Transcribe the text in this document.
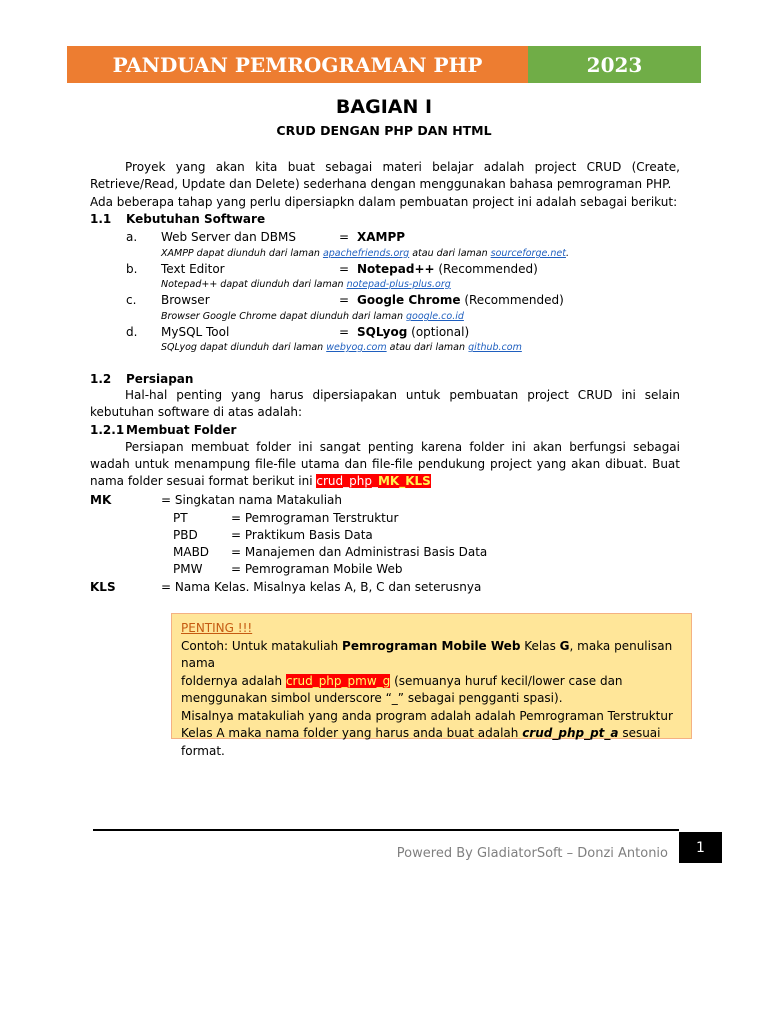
PANDUAN PEMROGRAMAN PHP	2023
BAGIAN I
CRUD DENGAN PHP DAN HTML
Proyek yang akan kita buat sebagai materi belajar adalah project CRUD (Create, Retrieve/Read, Update dan Delete) sederhana dengan menggunakan bahasa pemrograman PHP.
Ada beberapa tahap yang perlu dipersiapkn dalam pembuatan project ini adalah sebagai berikut:
1.1 Kebutuhan Software
a. Web Server dan DBMS	= XAMPP
XAMPP dapat diunduh dari laman apachefriends.org atau dari laman sourceforge.net.
b. Text Editor	= Notepad++ (Recommended)
Notepad++ dapat diunduh dari laman notepad-plus-plus.org
c. Browser	= Google Chrome (Recommended)
Browser Google Chrome dapat diunduh dari laman google.co.id
d. MySQL Tool	= SQLyog (optional)
SQLyog dapat diunduh dari laman webyog.com atau dari laman github.com
1.2 Persiapan
Hal-hal penting yang harus dipersiapakan untuk pembuatan project CRUD ini selain kebutuhan software di atas adalah:
1.2.1 Membuat Folder
Persiapan membuat folder ini sangat penting karena folder ini akan berfungsi sebagai wadah untuk menampung file-file utama dan file-file pendukung project yang akan dibuat. Buat nama folder sesuai format berikut ini crud_php_MK_KLS
MK	= Singkatan nama Matakuliah
PT	= Pemrograman Terstruktur
PBD	= Praktikum Basis Data
MABD = Manajemen dan Administrasi Basis Data
PMW = Pemrograman Mobile Web
KLS	= Nama Kelas. Misalnya kelas A, B, C dan seterusnya
PENTING !!!
Contoh: Untuk matakuliah Pemrograman Mobile Web Kelas G, maka penulisan nama
foldernya adalah crud_php_pmw_g (semuanya huruf kecil/lower case dan
menggunakan simbol underscore “_” sebagai pengganti spasi).
Misalnya matakuliah yang anda program adalah adalah Pemrograman Terstruktur
Kelas A maka nama folder yang harus anda buat adalah crud_php_pt_a sesuai format.
Powered By GladiatorSoft – Donzi Antonio	1
